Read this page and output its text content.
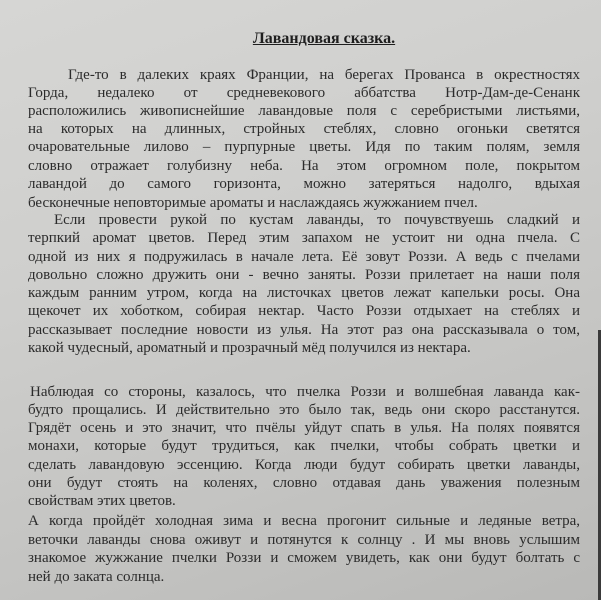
Лавандовая сказка.
Где-то в далеких краях Франции, на берегах Прованса в окрестностях
Горда, недалеко от средневекового аббатства Нотр-Дам-де-Сенанк
расположились живописнейшие лавандовые поля с серебристыми листьями,
на которых на длинных, стройных стеблях, словно огоньки светятся
очаровательные лилово – пурпурные цветы. Идя по таким полям, земля
словно отражает голубизну неба. На этом огромном поле, покрытом
лавандой до самого горизонта, можно затеряться надолго, вдыхая
бесконечные неповторимые ароматы и наслаждаясь жужжанием пчел.
Если провести рукой по кустам лаванды, то почувствуешь сладкий и
терпкий аромат цветов. Перед этим запахом не устоит ни одна пчела. С
одной из них я подружилась в начале лета. Её зовут Роззи. А ведь с пчелами
довольно сложно дружить они - вечно заняты. Роззи прилетает на наши поля
каждым ранним утром, когда на листочках цветов лежат капельки росы. Она
щекочет их хоботком, собирая нектар. Часто Роззи отдыхает на стеблях и
рассказывает последние новости из улья. На этот раз она рассказывала о том,
какой чудесный, ароматный и прозрачный мёд получился из нектара.
Наблюдая со стороны, казалось, что пчелка Роззи и волшебная лаванда как-
будто прощались. И действительно это было так, ведь они скоро расстанутся.
Грядёт осень и это значит, что пчёлы уйдут спать в улья. На полях появятся
монахи, которые будут трудиться, как пчелки, чтобы собрать цветки и
сделать лавандовую эссенцию. Когда люди будут собирать цветки лаванды,
они будут стоять на коленях, словно отдавая дань уважения полезным
свойствам этих цветов.
А когда пройдёт холодная зима и весна прогонит сильные и ледяные ветра,
веточки лаванды снова оживут и потянутся к солнцу . И мы вновь услышим
знакомое жужжание пчелки Роззи и сможем увидеть, как они будут болтать с
ней до заката солнца.
